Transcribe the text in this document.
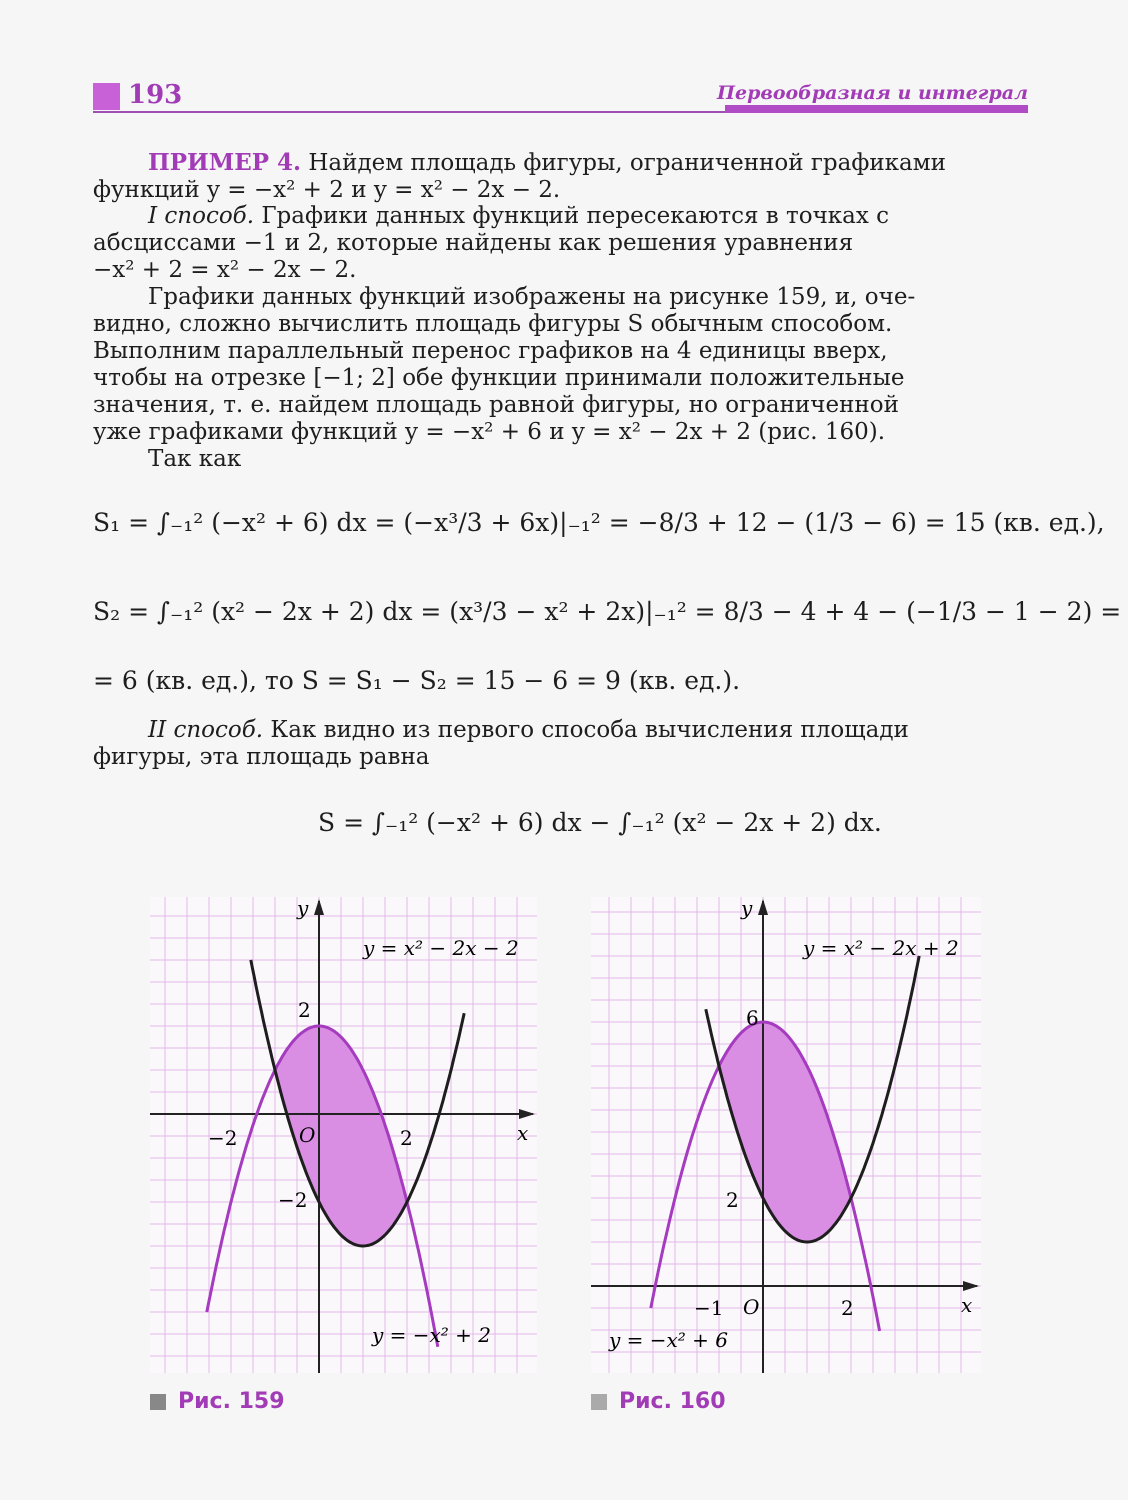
193	Первообразная и интеграл
ПРИМЕР 4. Найдем площадь фигуры, ограниченной графиками
функций y = −x² + 2 и y = x² − 2x − 2.
I способ. Графики данных функций пересекаются в точках с
абсциссами −1 и 2, которые найдены как решения уравнения
−x² + 2 = x² − 2x − 2.
Графики данных функций изображены на рисунке 159, и, оче-
видно, сложно вычислить площадь фигуры S обычным способом.
Выполним параллельный перенос графиков на 4 единицы вверх,
чтобы на отрезке [−1; 2] обе функции принимали положительные
значения, т. е. найдем площадь равной фигуры, но ограниченной
уже графиками функций y = −x² + 6 и y = x² − 2x + 2 (рис. 160).
Так как
S₁ = ∫₋₁² (−x² + 6) dx = (−x³/3 + 6x)|₋₁² = −8/3 + 12 − (1/3 − 6) = 15 (кв. ед.),
S₂ = ∫₋₁² (x² − 2x + 2) dx = (x³/3 − x² + 2x)|₋₁² = 8/3 − 4 + 4 − (−1/3 − 1 − 2) =
= 6 (кв. ед.), то S = S₁ − S₂ = 15 − 6 = 9 (кв. ед.).
II способ. Как видно из первого способа вычисления площади
фигуры, эта площадь равна
S = ∫₋₁² (−x² + 6) dx − ∫₋₁² (x² − 2x + 2) dx.
y
x
O
−2	2
2
−2
y = x² − 2x − 2
y = −x² + 2
y
x
O
−1	2
6
2
y = x² − 2x + 2
y = −x² + 6
Рис. 159	Рис. 160
